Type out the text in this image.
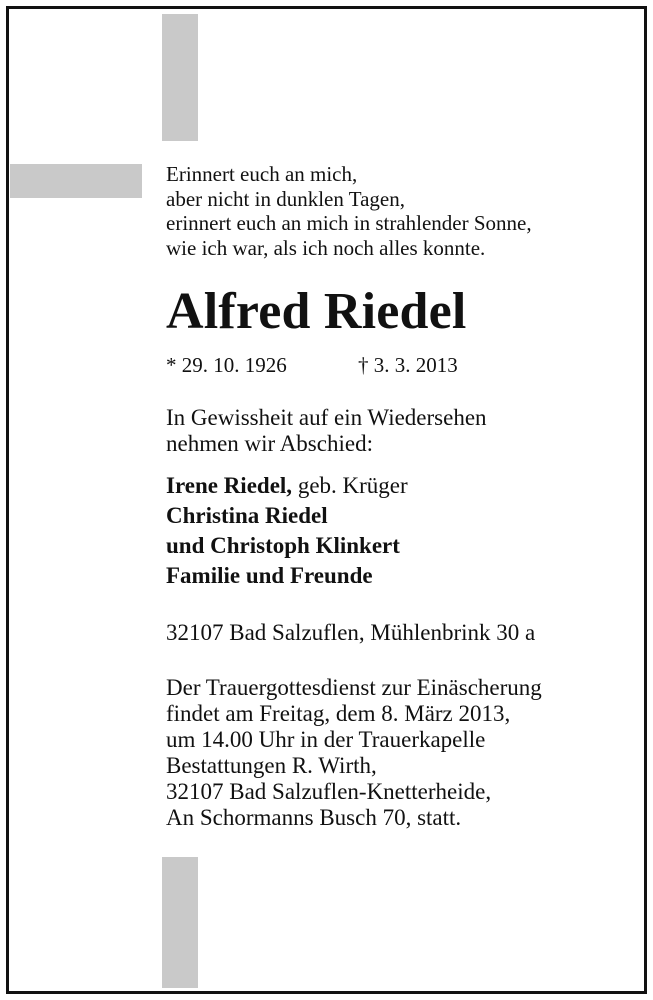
Erinnert euch an mich,
aber nicht in dunklen Tagen,
erinnert euch an mich in strahlender Sonne,
wie ich war, als ich noch alles konnte.
Alfred Riedel
* 29. 10. 1926	† 3. 3. 2013
In Gewissheit auf ein Wiedersehen
nehmen wir Abschied:
Irene Riedel, geb. Krüger
Christina Riedel
und Christoph Klinkert
Familie und Freunde
32107 Bad Salzuflen, Mühlenbrink 30 a
Der Trauergottesdienst zur Einäscherung
findet am Freitag, dem 8. März 2013,
um 14.00 Uhr in der Trauerkapelle
Bestattungen R. Wirth,
32107 Bad Salzuflen-Knetterheide,
An Schormanns Busch 70, statt.
